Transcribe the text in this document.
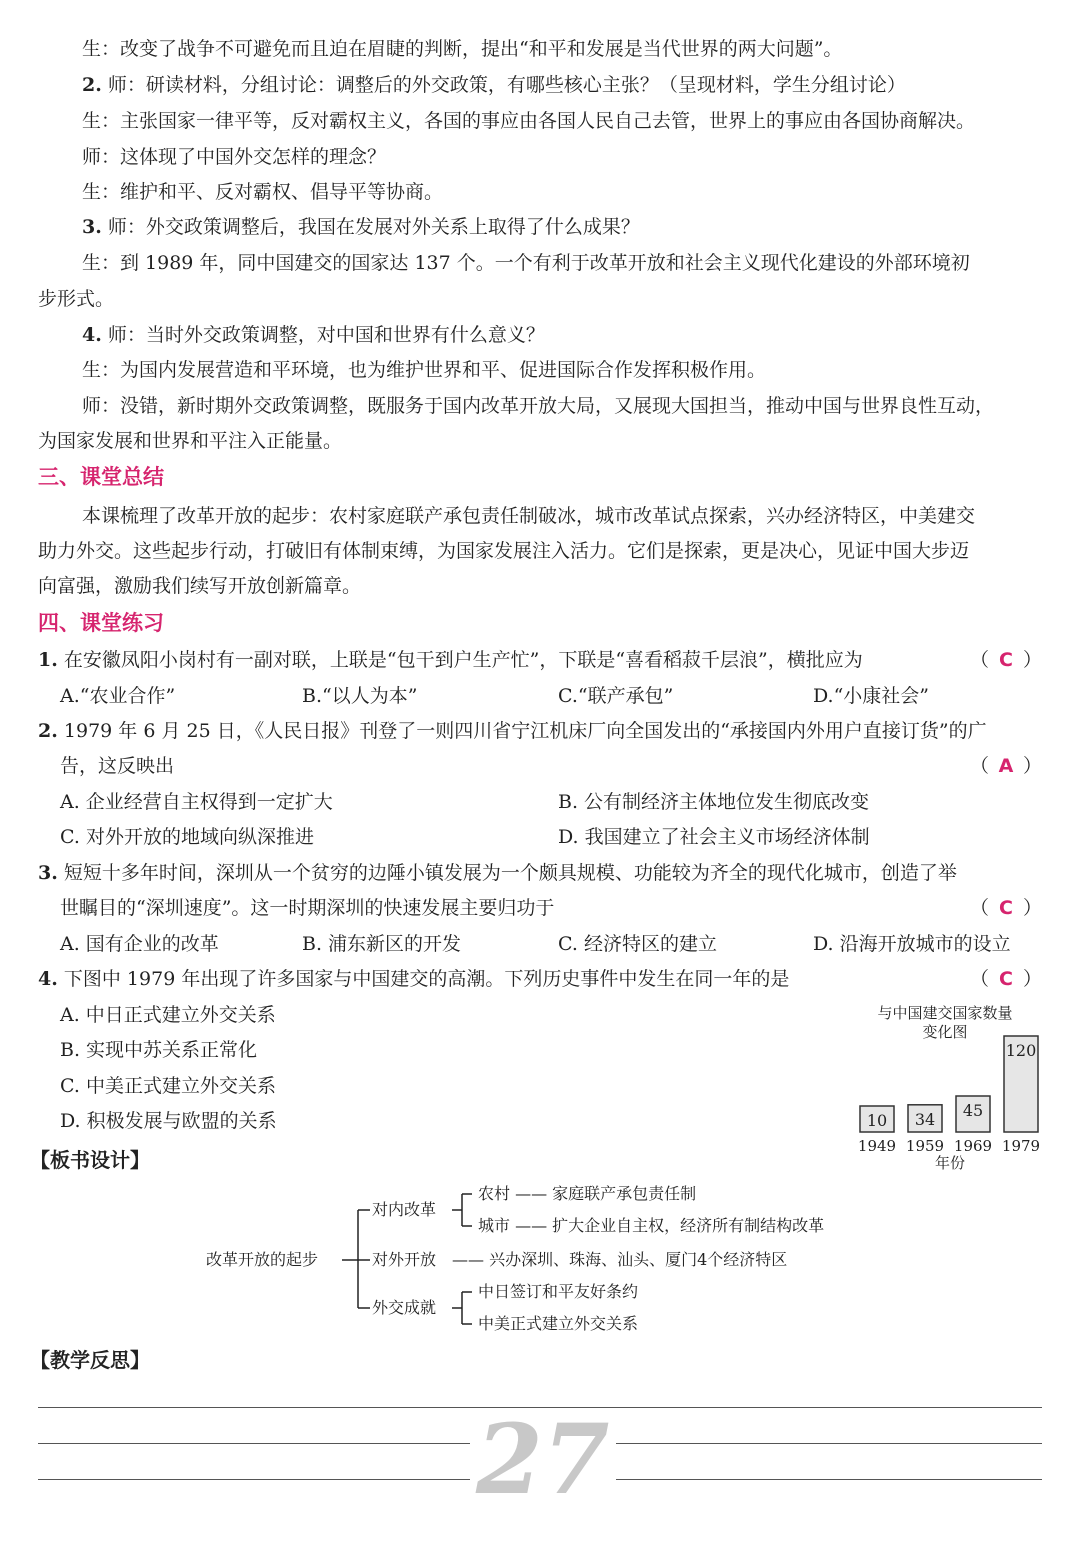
生：改变了战争不可避免而且迫在眉睫的判断，提出“和平和发展是当代世界的两大问题”。
2. 师：研读材料，分组讨论：调整后的外交政策，有哪些核心主张？（呈现材料，学生分组讨论）
生：主张国家一律平等，反对霸权主义，各国的事应由各国人民自己去管，世界上的事应由各国协商解决。
师：这体现了中国外交怎样的理念？
生：维护和平、反对霸权、倡导平等协商。
3. 师：外交政策调整后，我国在发展对外关系上取得了什么成果？
生：到 1989 年，同中国建交的国家达 137 个。一个有利于改革开放和社会主义现代化建设的外部环境初
步形式。
4. 师：当时外交政策调整，对中国和世界有什么意义？
生：为国内发展营造和平环境，也为维护世界和平、促进国际合作发挥积极作用。
师：没错，新时期外交政策调整，既服务于国内改革开放大局，又展现大国担当，推动中国与世界良性互动，
为国家发展和世界和平注入正能量。
三、课堂总结
本课梳理了改革开放的起步：农村家庭联产承包责任制破冰，城市改革试点探索，兴办经济特区，中美建交
助力外交。这些起步行动，打破旧有体制束缚，为国家发展注入活力。它们是探索，更是决心，见证中国大步迈
向富强，激励我们续写开放创新篇章。
四、课堂练习
1. 在安徽凤阳小岗村有一副对联，上联是“包干到户生产忙”，下联是“喜看稻菽千层浪”，横批应为	（ C ）
A.“农业合作”	B.“以人为本”	C.“联产承包”	D.“小康社会”
2. 1979 年 6 月 25 日，《人民日报》刊登了一则四川省宁江机床厂向全国发出的“承接国内外用户直接订货”的广
告，这反映出	（ A ）
A. 企业经营自主权得到一定扩大	B. 公有制经济主体地位发生彻底改变
C. 对外开放的地域向纵深推进	D. 我国建立了社会主义市场经济体制
3. 短短十多年时间，深圳从一个贫穷的边陲小镇发展为一个颇具规模、功能较为齐全的现代化城市，创造了举
世瞩目的“深圳速度”。这一时期深圳的快速发展主要归功于	（ C ）
A. 国有企业的改革	B. 浦东新区的开发	C. 经济特区的建立	D. 沿海开放城市的设立
4. 下图中 1979 年出现了许多国家与中国建交的高潮。下列历史事件中发生在同一年的是	（ C ）
A. 中日正式建立外交关系
B. 实现中苏关系正常化
C. 中美正式建立外交关系
D. 积极发展与欧盟的关系
与中国建交国家数量
变化图
10
1949
34
1959
45
1969
120
1979
年份
【板书设计】
改革开放的起步
对内改革
农村 —— 家庭联产承包责任制
城市 —— 扩大企业自主权，经济所有制结构改革
对外开放 —— 兴办深圳、珠海、汕头、厦门4个经济特区
外交成就
中日签订和平友好条约
中美正式建立外交关系
【教学反思】
27
